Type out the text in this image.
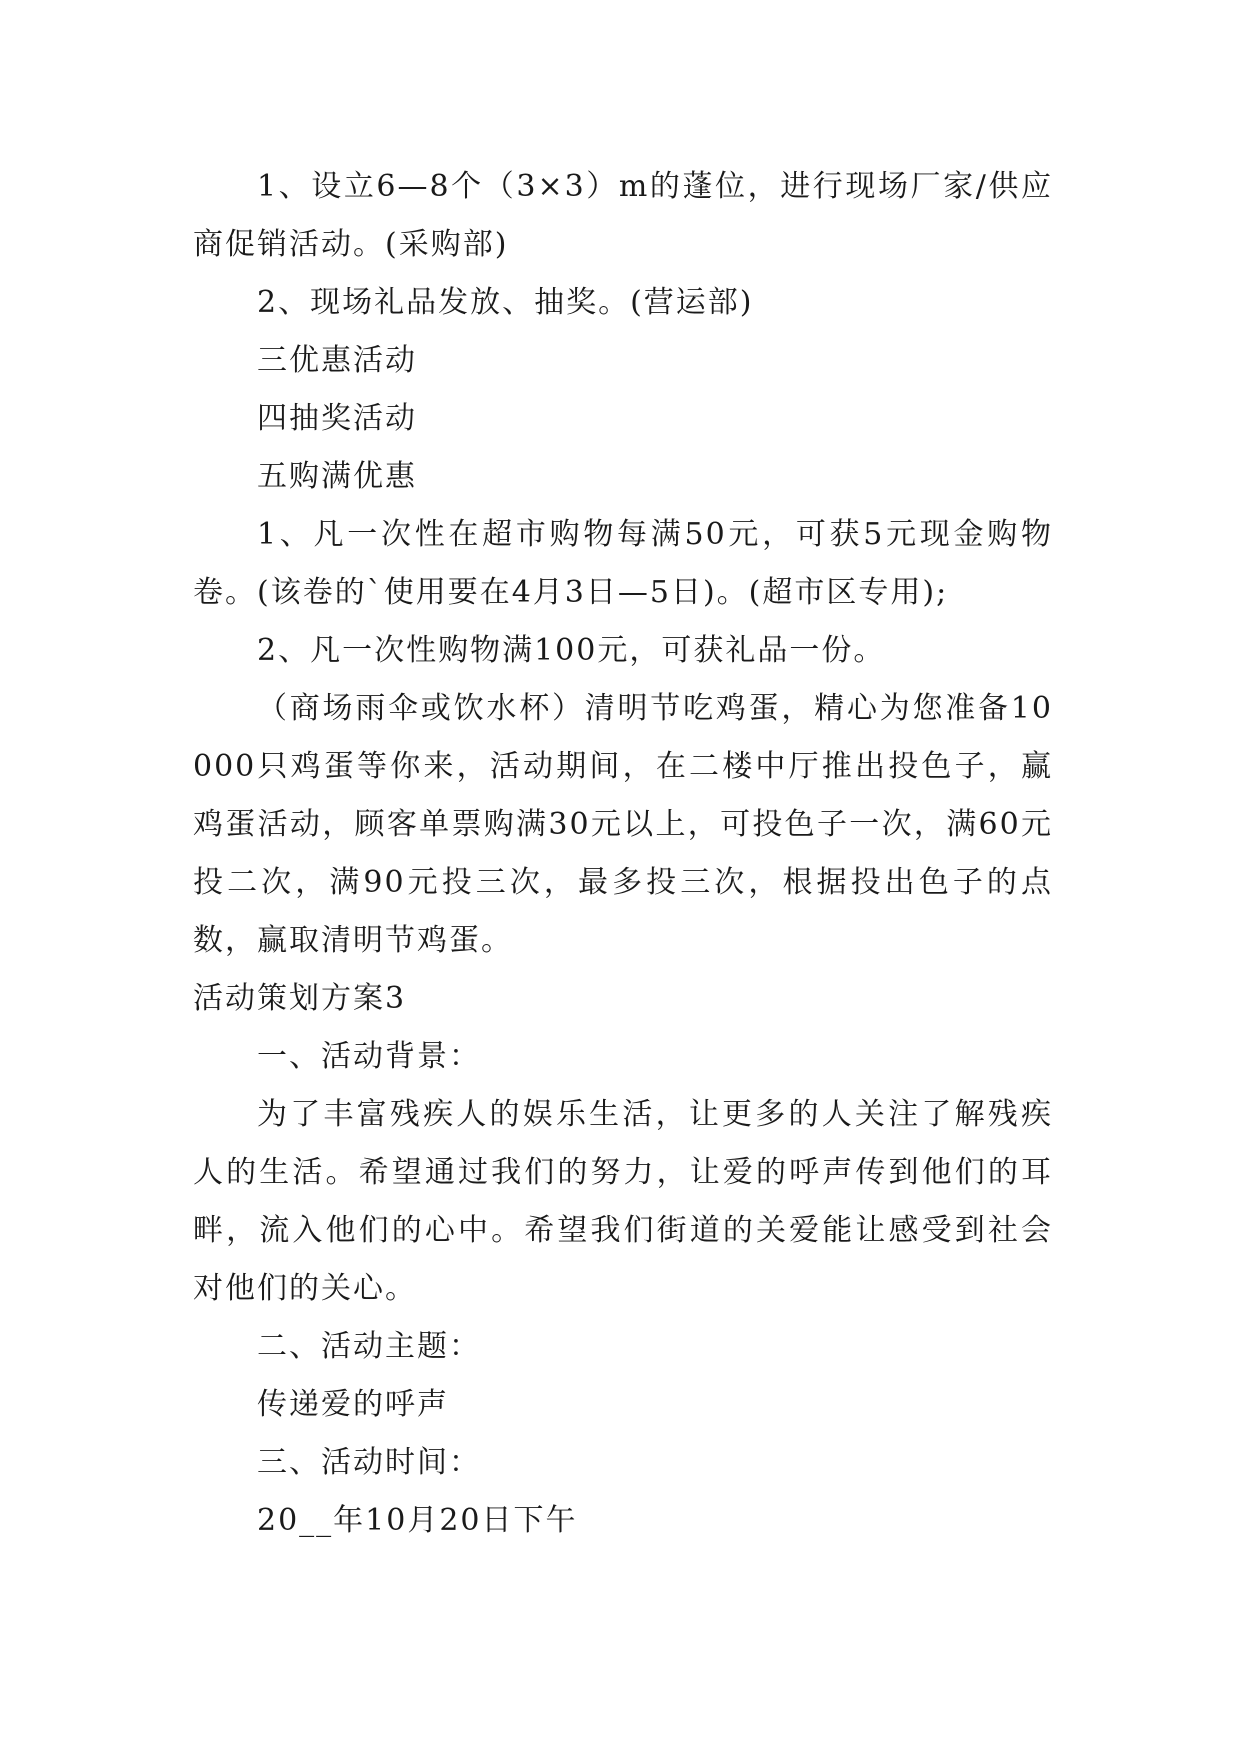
1、设立6—8个（3×3）m的蓬位，进行现场厂家/供应商促销活动。(采购部)

2、现场礼品发放、抽奖。(营运部)

三优惠活动

四抽奖活动

五购满优惠

1、凡一次性在超市购物每满50元，可获5元现金购物卷。(该卷的`使用要在4月3日—5日)。(超市区专用);

2、凡一次性购物满100元，可获礼品一份。

（商场雨伞或饮水杯）清明节吃鸡蛋，精心为您准备10000只鸡蛋等你来，活动期间，在二楼中厅推出投色子，赢鸡蛋活动，顾客单票购满30元以上，可投色子一次，满60元投二次，满90元投三次，最多投三次，根据投出色子的点数，赢取清明节鸡蛋。

活动策划方案3

一、活动背景：

为了丰富残疾人的娱乐生活，让更多的人关注了解残疾人的生活。希望通过我们的努力，让爱的呼声传到他们的耳畔，流入他们的心中。希望我们街道的关爱能让感受到社会对他们的关心。

二、活动主题：

传递爱的呼声

三、活动时间：

20__年10月20日下午
